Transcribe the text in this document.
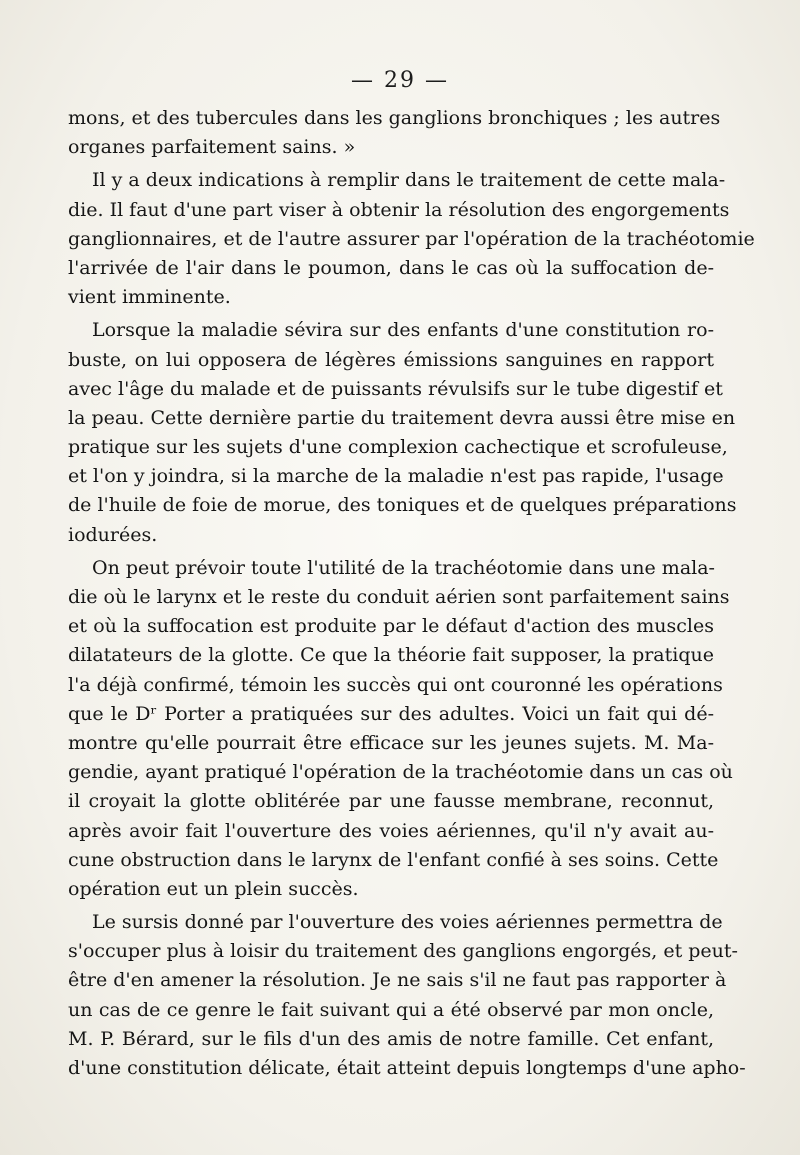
— 29 —
mons, et des tubercules dans les ganglions bronchiques ; les autres
organes parfaitement sains. »
Il y a deux indications à remplir dans le traitement de cette mala-
die. Il faut d'une part viser à obtenir la résolution des engorgements
ganglionnaires, et de l'autre assurer par l'opération de la trachéotomie
l'arrivée de l'air dans le poumon, dans le cas où la suffocation de-
vient imminente.
Lorsque la maladie sévira sur des enfants d'une constitution ro-
buste, on lui opposera de légères émissions sanguines en rapport
avec l'âge du malade et de puissants révulsifs sur le tube digestif et
la peau. Cette dernière partie du traitement devra aussi être mise en
pratique sur les sujets d'une complexion cachectique et scrofuleuse,
et l'on y joindra, si la marche de la maladie n'est pas rapide, l'usage
de l'huile de foie de morue, des toniques et de quelques préparations
iodurées.
On peut prévoir toute l'utilité de la trachéotomie dans une mala-
die où le larynx et le reste du conduit aérien sont parfaitement sains
et où la suffocation est produite par le défaut d'action des muscles
dilatateurs de la glotte. Ce que la théorie fait supposer, la pratique
l'a déjà confirmé, témoin les succès qui ont couronné les opérations
que le Dʳ Porter a pratiquées sur des adultes. Voici un fait qui dé-
montre qu'elle pourrait être efficace sur les jeunes sujets. M. Ma-
gendie, ayant pratiqué l'opération de la trachéotomie dans un cas où
il croyait la glotte oblitérée par une fausse membrane, reconnut,
après avoir fait l'ouverture des voies aériennes, qu'il n'y avait au-
cune obstruction dans le larynx de l'enfant confié à ses soins. Cette
opération eut un plein succès.
Le sursis donné par l'ouverture des voies aériennes permettra de
s'occuper plus à loisir du traitement des ganglions engorgés, et peut-
être d'en amener la résolution. Je ne sais s'il ne faut pas rapporter à
un cas de ce genre le fait suivant qui a été observé par mon oncle,
M. P. Bérard, sur le fils d'un des amis de notre famille. Cet enfant,
d'une constitution délicate, était atteint depuis longtemps d'une apho-
